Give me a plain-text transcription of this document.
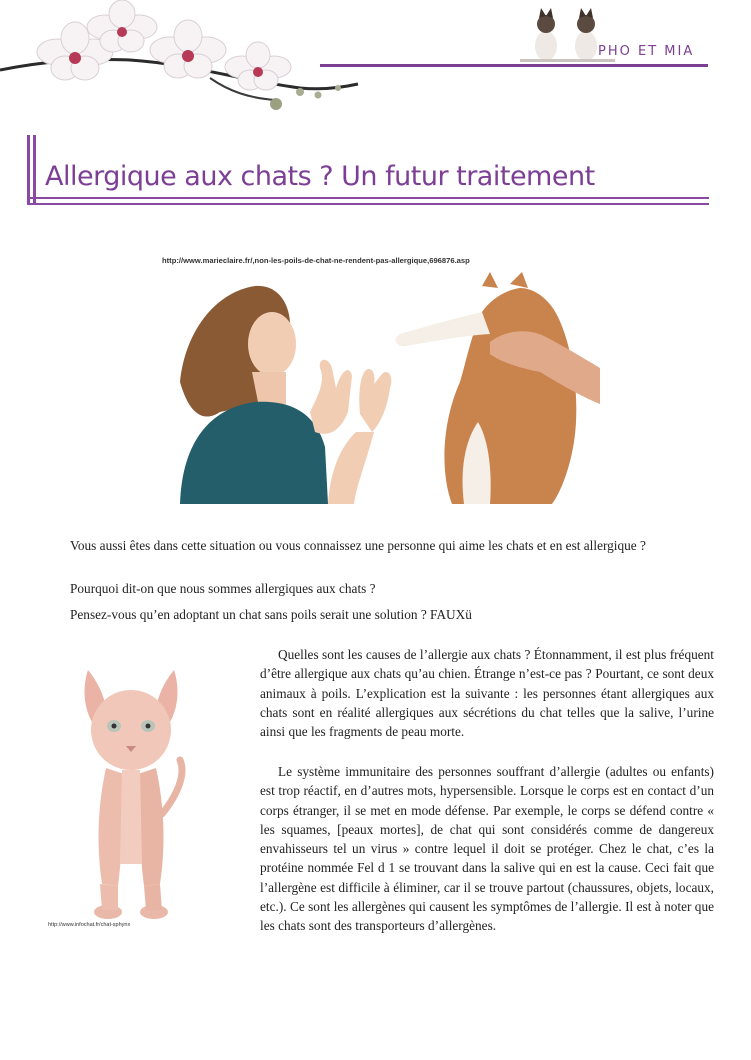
PHO ET MIA
Allergique aux chats ? Un futur traitement
http://www.marieclaire.fr/,non-les-poils-de-chat-ne-rendent-pas-allergique,696876.asp

Vous aussi êtes dans cette situation ou vous connaissez une personne qui aime les chats et en est allergique ?

Pourquoi dit-on que nous sommes allergiques aux chats ?

Pensez-vous qu’en adoptant un chat sans poils serait une solution ? FAUXü

http://www.infochat.fr/chat-sphynx

Quelles sont les causes de l’allergie aux chats ? Étonnamment, il est plus fréquent d’être allergique aux chats qu’au chien. Étrange n’est-ce pas ? Pourtant, ce sont deux animaux à poils. L’explication est la suivante : les personnes étant allergiques aux chats sont en réalité allergiques aux sécrétions du chat telles que la salive, l’urine ainsi que les fragments de peau morte.

Le système immunitaire des personnes souffrant d’allergie (adultes ou enfants) est trop réactif, en d’autres mots, hypersensible. Lorsque le corps est en contact d’un corps étranger, il se met en mode défense. Par exemple, le corps se défend contre « les squames, [peaux mortes], de chat qui sont considérés comme de dangereux envahisseurs tel un virus » contre lequel il doit se protéger. Chez le chat, c’es la protéine nommée Fel d 1 se trouvant dans la salive qui en est la cause. Ceci fait que l’allergène est difficile à éliminer, car il se trouve partout (chaussures, objets, locaux, etc.). Ce sont les allergènes qui causent les symptômes de l’allergie. Il est à noter que les chats sont des transporteurs d’allergènes.
